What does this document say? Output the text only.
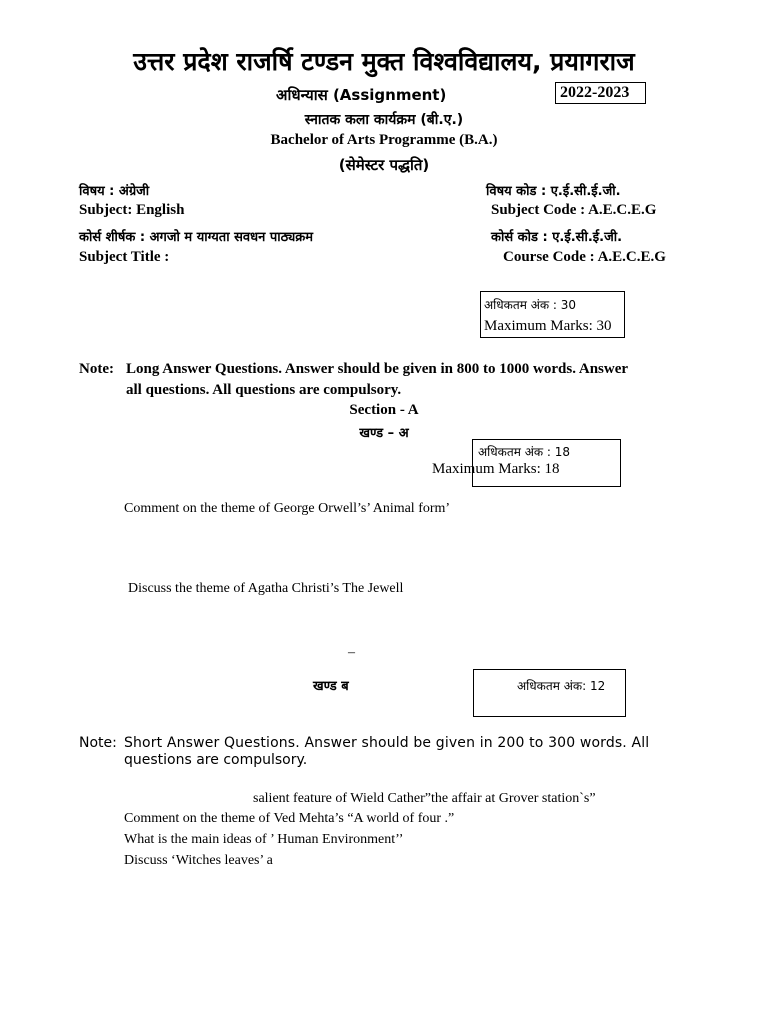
उत्तर प्रदेश राजर्षि टण्डन मुक्त विश्वविद्यालय, प्रयागराज
अधिन्यास (Assignment)	2022-2023
स्नातक कला कार्यक्रम (बी.ए.)
Bachelor of Arts Programme (B.A.)
(सेमेस्टर पद्धति)
विषय : अंग्रेजी
Subject: English
कोर्स शीर्षक : अगजो म याग्यता सवधन पाठ्यक्रम
Subject Title :
विषय कोड : ए.ई.सी.ई.जी.
Subject Code : A.E.C.E.G
कोर्स कोड : ए.ई.सी.ई.जी.
Course Code : A.E.C.E.G
अधिकतम अंक : 30
Maximum Marks: 30
Note: Long Answer Questions. Answer should be given in 800 to 1000 words. Answer
all questions. All questions are compulsory.
Section - A
खण्ड – अ
अधिकतम अंक : 18
Maximum Marks: 18
Comment on the theme of George Orwell’s’ Animal form’
Discuss the theme of Agatha Christi’s The Jewell
–
खण्ड ब	अधिकतम अंक: 12
Note: Short Answer Questions. Answer should be given in 200 to 300 words. All
questions are compulsory.
salient feature of Wield Cather”the affair at Grover station`s”
Comment on the theme of Ved Mehta’s “A world of four .”
What is the main ideas of ’ Human Environment’’
Discuss ‘Witches leaves’ a
